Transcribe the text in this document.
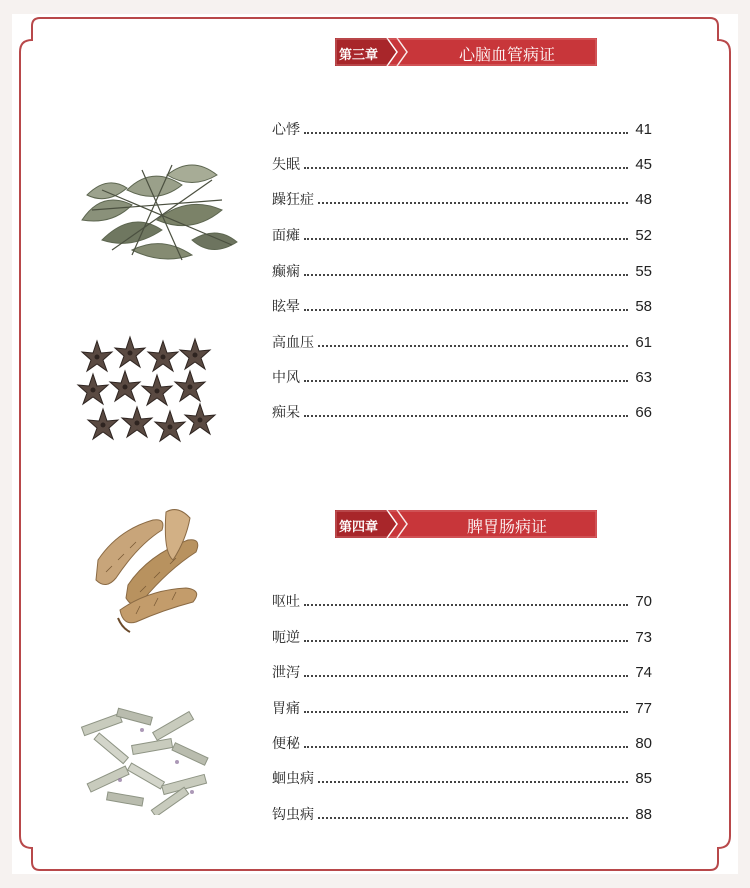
第三章	心脑血管病证
心悸	41
失眠	45
躁狂症	48
面瘫	52
癫痫	55
眩晕	58
高血压	61
中风	63
痴呆	66
第四章	脾胃肠病证
呕吐	70
呃逆	73
泄泻	74
胃痛	77
便秘	80
蛔虫病	85
钩虫病	88
